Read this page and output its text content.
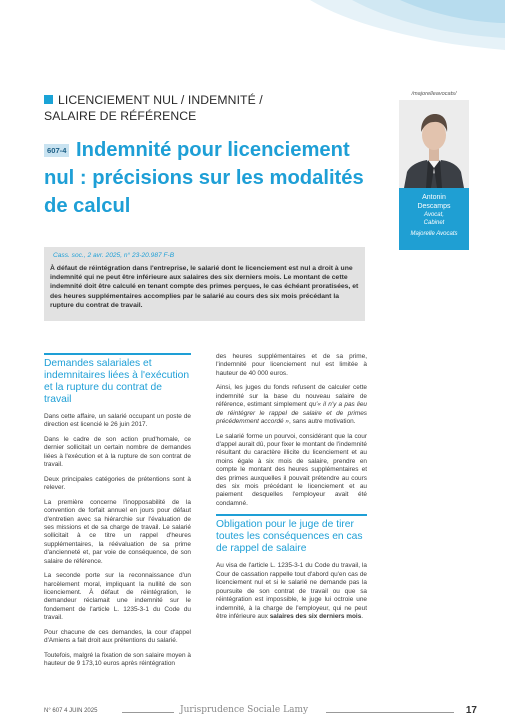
LICENCIEMENT NUL / INDEMNITÉ /
SALAIRE DE RÉFÉRENCE
607-4 Indemnité pour licenciement nul : précisions sur les modalités de calcul
/majorelleavocats/
Antonin
Descamps
Avocat,
Cabinet
Majorelle Avocats
Cass. soc., 2 avr. 2025, n° 23-20.987 F-B
À défaut de réintégration dans l'entreprise, le salarié dont le licenciement est nul a droit à une indemnité qui ne peut être inférieure aux salaires des six derniers mois. Le montant de cette indemnité doit être calculé en tenant compte des primes perçues, le cas échéant proratisées, et des heures supplémentaires accomplies par le salarié au cours des six mois précédant la rupture du contrat de travail.
Demandes salariales et indemnitaires liées à l'exécution et la rupture du contrat de travail

Dans cette affaire, un salarié occupant un poste de direction est licencié le 26 juin 2017.

Dans le cadre de son action prud'homale, ce dernier sollicitait un certain nombre de demandes liées à l'exécution et à la rupture de son contrat de travail.

Deux principales catégories de prétentions sont à relever.

La première concerne l'inopposabilité de la convention de forfait annuel en jours pour défaut d'entretien avec sa hiérarchie sur l'évaluation de ses missions et de sa charge de travail. Le salarié sollicitait à ce titre un rappel d'heures supplémentaires, la réévaluation de sa prime d'ancienneté et, par voie de conséquence, de son salaire de référence.

La seconde porte sur la reconnaissance d'un harcèlement moral, impliquant la nullité de son licenciement. À défaut de réintégration, le demandeur réclamait une indemnité sur le fondement de l'article L. 1235-3-1 du Code du travail.

Pour chacune de ces demandes, la cour d'appel d'Amiens a fait droit aux prétentions du salarié.

Toutefois, malgré la fixation de son salaire moyen à hauteur de 9 173,10 euros après réintégration

des heures supplémentaires et de sa prime, l'indemnité pour licenciement nul est limitée à hauteur de 40 000 euros.

Ainsi, les juges du fonds refusent de calculer cette indemnité sur la base du nouveau salaire de référence, estimant simplement qu'« il n'y a pas lieu de réintégrer le rappel de salaire et de primes précédemment accordé », sans autre motivation.

Le salarié forme un pourvoi, considérant que la cour d'appel aurait dû, pour fixer le montant de l'indemnité résultant du caractère illicite du licenciement et au moins égale à six mois de salaire, prendre en compte le montant des heures supplémentaires et des primes auxquelles il pouvait prétendre au cours des six mois précédant le licenciement et au paiement desquelles l'employeur avait été condamné.

Obligation pour le juge de tirer toutes les conséquences en cas de rappel de salaire

Au visa de l'article L. 1235-3-1 du Code du travail, la Cour de cassation rappelle tout d'abord qu'en cas de licenciement nul et si le salarié ne demande pas la poursuite de son contrat de travail ou que sa réintégration est impossible, le juge lui octroie une indemnité, à la charge de l'employeur, qui ne peut être inférieure aux salaires des six derniers mois.

N° 607 4 JUIN 2025	Jurisprudence Sociale Lamy	17
